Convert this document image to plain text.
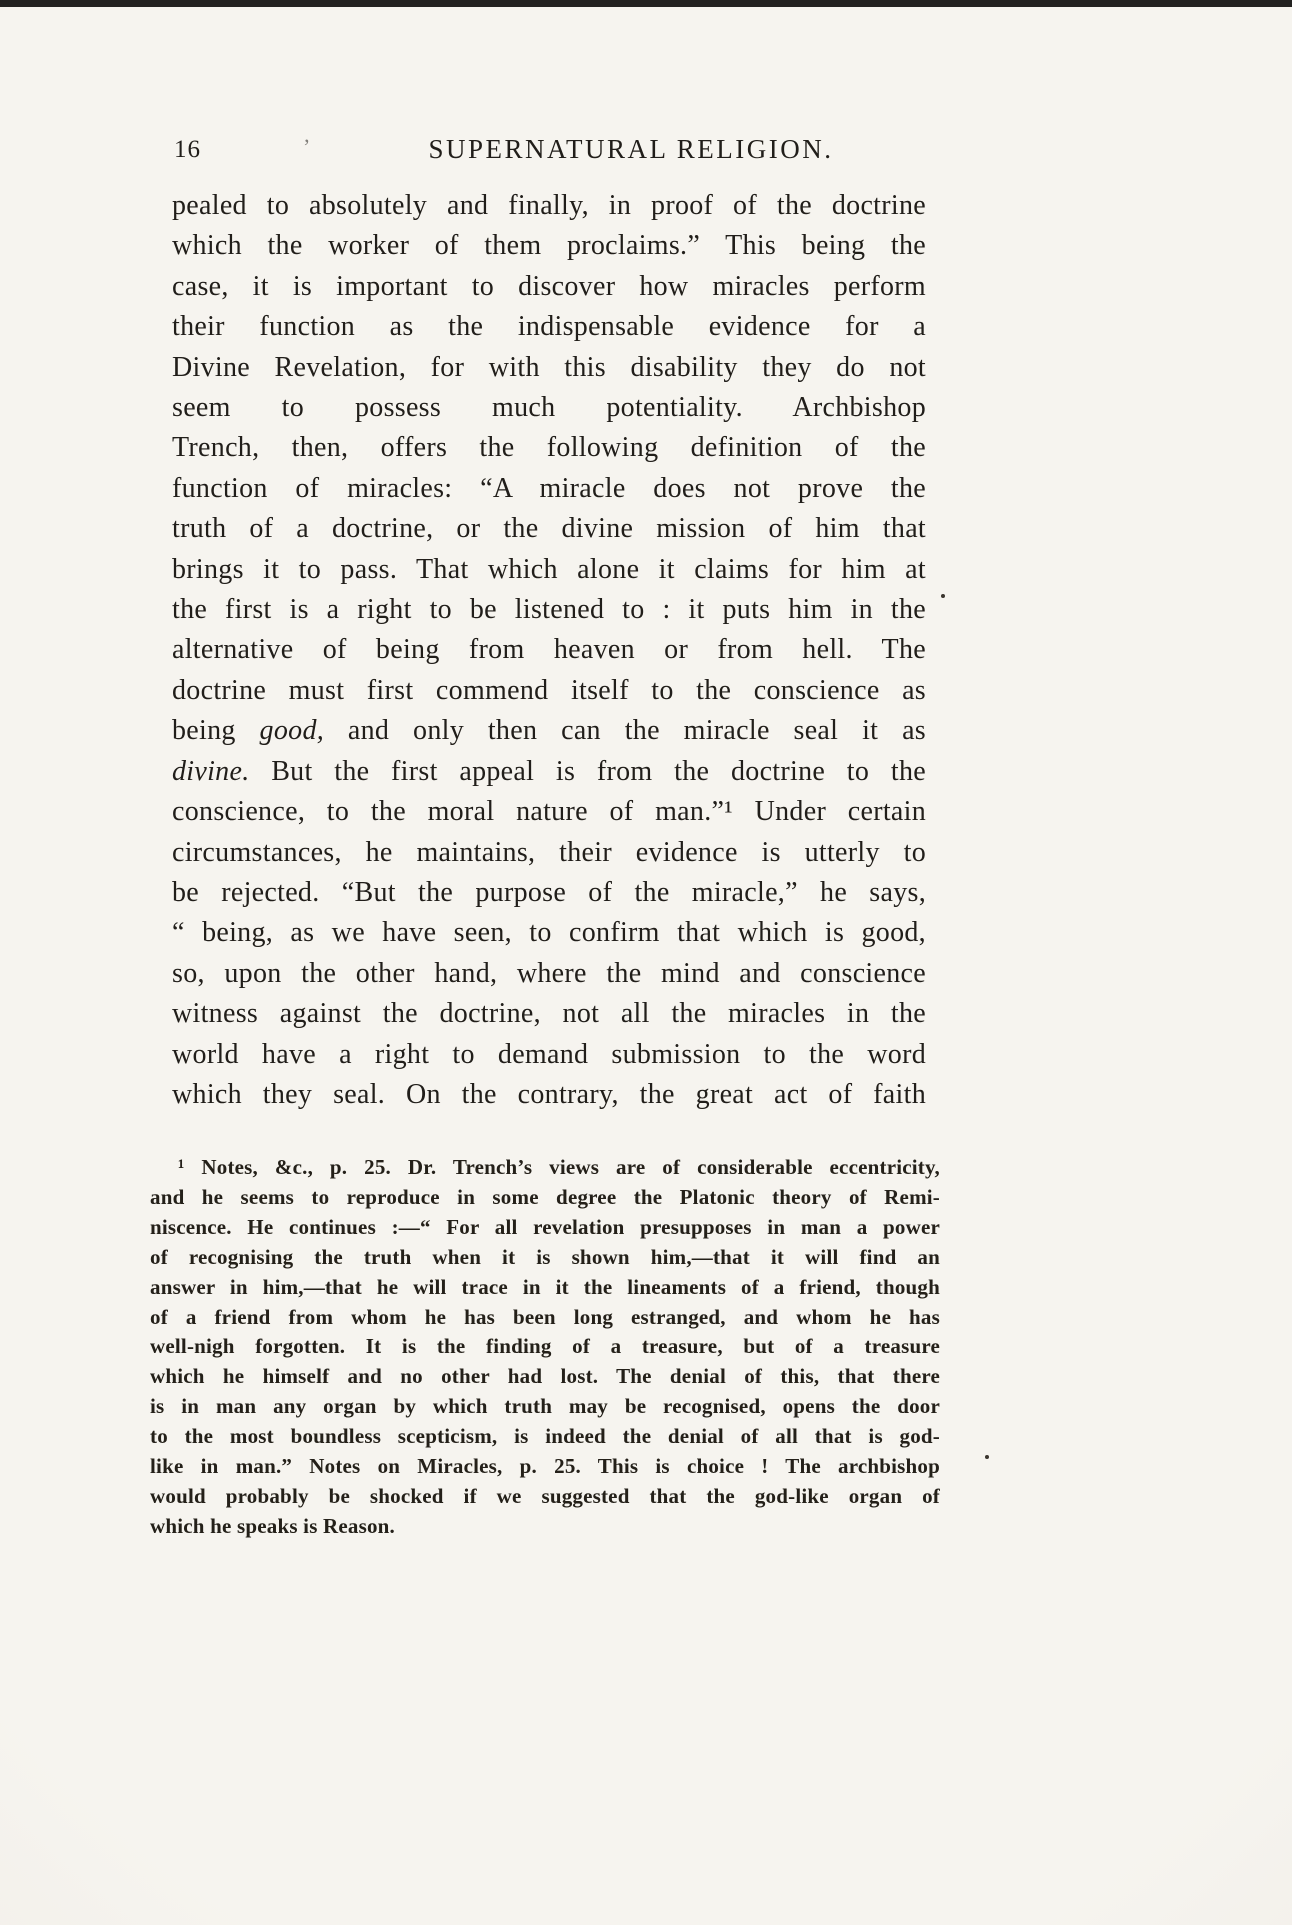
16	’	SUPERNATURAL RELIGION.
pealed to absolutely and finally, in proof of the doctrine
which the worker of them proclaims.” This being the
case, it is important to discover how miracles perform
their function as the indispensable evidence for a
Divine Revelation, for with this disability they do not
seem to possess much potentiality. Archbishop
Trench, then, offers the following definition of the
function of miracles: “A miracle does not prove the
truth of a doctrine, or the divine mission of him that
brings it to pass. That which alone it claims for him at
the first is a right to be listened to : it puts him in the
alternative of being from heaven or from hell. The
doctrine must first commend itself to the conscience as
being good, and only then can the miracle seal it as
divine. But the first appeal is from the doctrine to the
conscience, to the moral nature of man.”¹ Under certain
circumstances, he maintains, their evidence is utterly to
be rejected. “But the purpose of the miracle,” he says,
“ being, as we have seen, to confirm that which is good,
so, upon the other hand, where the mind and conscience
witness against the doctrine, not all the miracles in the
world have a right to demand submission to the word
which they seal. On the contrary, the great act of faith
¹ Notes, &c., p. 25. Dr. Trench’s views are of considerable eccentricity,
and he seems to reproduce in some degree the Platonic theory of Remi-
niscence. He continues :—“ For all revelation presupposes in man a power
of recognising the truth when it is shown him,—that it will find an
answer in him,—that he will trace in it the lineaments of a friend, though
of a friend from whom he has been long estranged, and whom he has
well-nigh forgotten. It is the finding of a treasure, but of a treasure
which he himself and no other had lost. The denial of this, that there
is in man any organ by which truth may be recognised, opens the door
to the most boundless scepticism, is indeed the denial of all that is god-
like in man.” Notes on Miracles, p. 25. This is choice ! The archbishop
would probably be shocked if we suggested that the god-like organ of
which he speaks is Reason.
